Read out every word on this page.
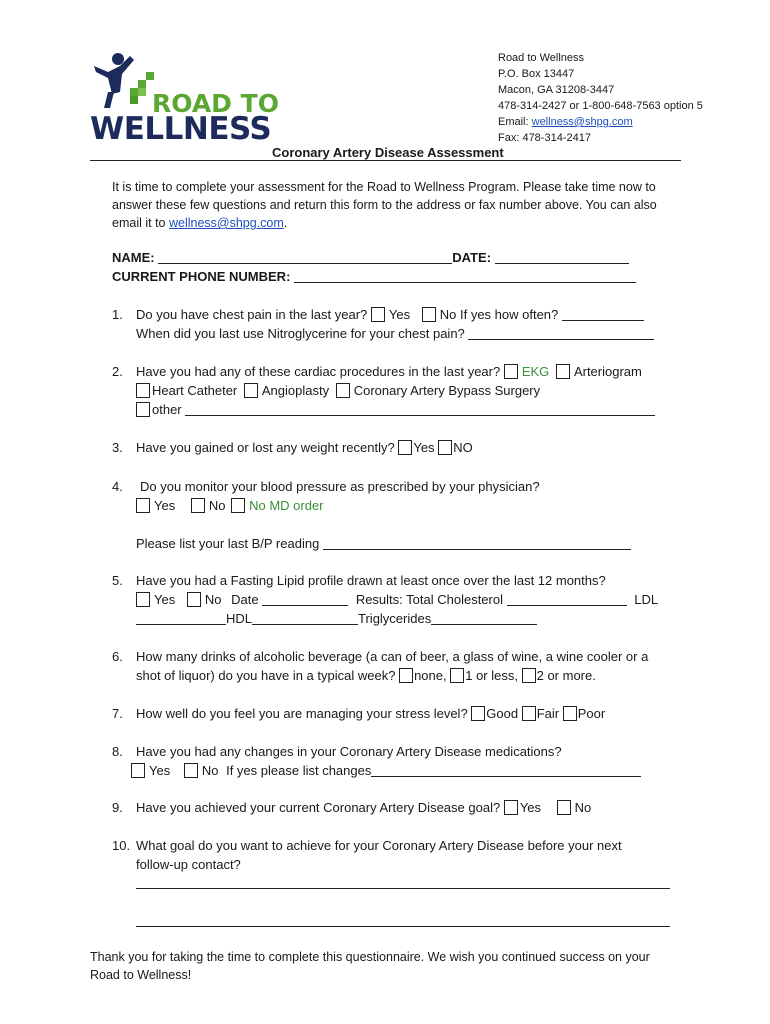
ROAD TO
WELLNESS
Road to Wellness
P.O. Box 13447
Macon, GA 31208-3447
478-314-2427 or 1-800-648-7563 option 5
Email: wellness@shpg.com
Fax: 478-314-2417
Coronary Artery Disease Assessment
It is time to complete your assessment for the Road to Wellness Program. Please take time now to
answer these few questions and return this form to the address or fax number above. You can also
email it to wellness@shpg.com.
NAME:	DATE:
CURRENT PHONE NUMBER:
1. Do you have chest pain in the last year? Yes No If yes how often?
When did you last use Nitroglycerine for your chest pain?
2. Have you had any of these cardiac procedures in the last year? EKG Arteriogram
Heart Catheter Angioplasty Coronary Artery Bypass Surgery
other
3. Have you gained or lost any weight recently? Yes NO
4. Do you monitor your blood pressure as prescribed by your physician?
Yes	No No MD order
Please list your last B/P reading
5. Have you had a Fasting Lipid profile drawn at least once over the last 12 months?
Yes No Date	Results: Total Cholesterol	LDL
HDL	Triglycerides
6. How many drinks of alcoholic beverage (a can of beer, a glass of wine, a wine cooler or a
shot of liquor) do you have in a typical week? none, 1 or less, 2 or more.
7. How well do you feel you are managing your stress level? Good Fair Poor
8. Have you had any changes in your Coronary Artery Disease medications?
Yes No If yes please list changes
9. Have you achieved your current Coronary Artery Disease goal? Yes	No
10. What goal do you want to achieve for your Coronary Artery Disease before your next
follow-up contact?
Thank you for taking the time to complete this questionnaire. We wish you continued success on your
Road to Wellness!
